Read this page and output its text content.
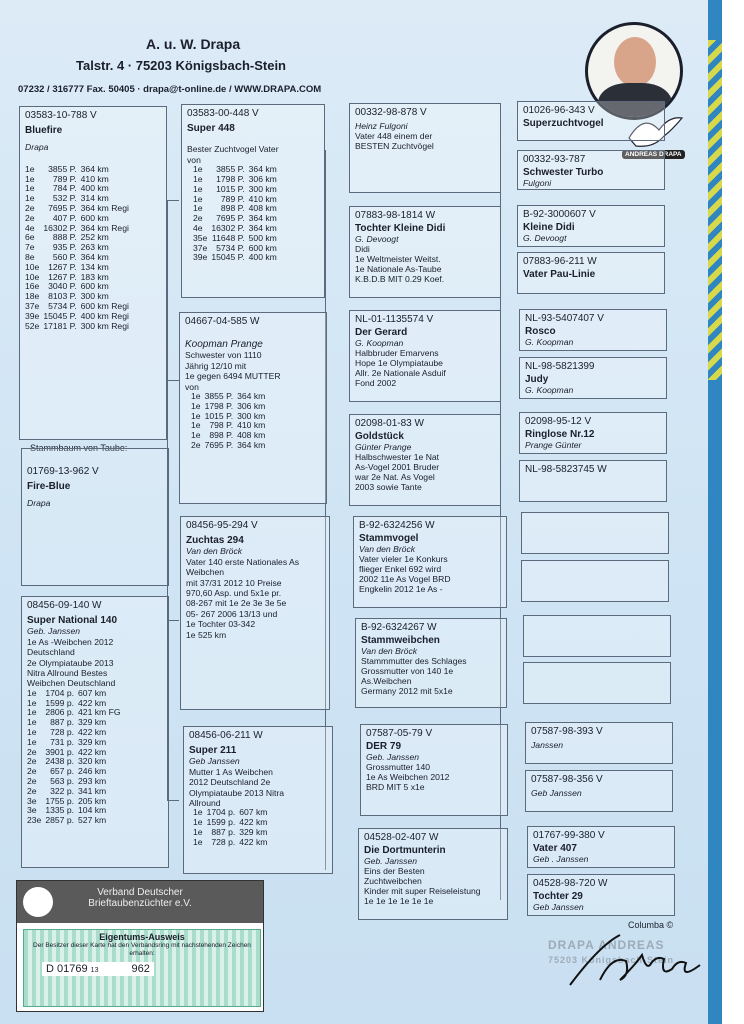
A. u. W. Drapa
Talstr. 4 · 75203 Königsbach-Stein
07232 / 316777 Fax. 50405 · drapa@t-online.de / WWW.DRAPA.COM
ANDREAS DRAPA
03583-10-788 V
Bluefire
Drapa
1e	3855 P.	364 km
1e	789 P.	410 km
1e	784 P.	400 km
1e	532 P.	314 km
2e	7695 P.	364 km Regi
2e	407 P.	600 km
4e	16302 P.	364 km Regi
6e	888 P.	252 km
7e	935 P.	263 km
8e	560 P.	364 km
10e	1267 P.	134 km
10e	1267 P.	183 km
16e	3040 P.	600 km
18e	8103 P.	300 km
37e	5734 P.	600 km Regi
39e	15045 P.	400 km Regi
52e	17181 P.	300 km Regi
Stammbaum von Taube:
01769-13-962 V
Fire-Blue
Drapa
08456-09-140 W
Super National 140
Geb. Janssen
1e As -Weibchen 2012
Deutschland
2e Olympiataube 2013
Nitra Allround Bestes
Weibchen Deutschland
1e	1704 p.	607 km
1e	1599 p.	422 km
1e	2806 p.	421 km FG
1e	887 p.	329 km
1e	728 p.	422 km
1e	731 p.	329 km
2e	3901 p.	422 km
2e	2438 p.	320 km
2e	657 p.	246 km
2e	563 p.	293 km
2e	322 p.	341 km
3e	1755 p.	205 km
3e	1335 p.	104 km
23e	2857 p.	527 km
03583-00-448 V
Super 448
Bester Zuchtvogel Vater
von
1e	3855 P.	364 km
1e	1798 P.	306 km
1e	1015 P.	300 km
1e	789 P.	410 km
1e	898 P.	408 km
2e	7695 P.	364 km
4e	16302 P.	364 km
35e	11648 P.	500 km
37e	5734 P.	600 km
39e	15045 P.	400 km
04667-04-585 W
Koopman Prange
Schwester von 1110
Jährig 12/10 mit
1e gegen 6494 MUTTER
von
1e	3855 P.	364 km
1e	1798 P.	306 km
1e	1015 P.	300 km
1e	798 P.	410 km
1e	898 P.	408 km
2e	7695 P.	364 km
08456-95-294 V
Zuchtas 294
Van den Bröck
Vater 140 erste Nationales As
Weibchen
mit 37/31 2012 10 Preise
970,60 Asp. und 5x1e pr.
08-267 mit 1e 2e 3e 3e 5e
05- 267 2006 13/13 und
1e Tochter 03-342
1e 525 km
08456-06-211 W
Super 211
Geb Janssen
Mutter 1 As Weibchen
2012 Deutschland 2e
Olympiataube 2013 Nitra
Allround
1e	1704 p.	607 km
1e	1599 p.	422 km
1e	887 p.	329 km
1e	728 p.	422 km
00332-98-878 V
Heinz Fulgoni
Vater 448 einem der
BESTEN Zuchtvögel
07883-98-1814 W
Tochter Kleine Didi
G. Devoogt
Didi
1e Weltmeister Weitst.
1e Nationale As-Taube
K.B.D.B MIT 0.29 Koef.
NL-01-1135574 V
Der Gerard
G. Koopman
Halbbruder Emarvens
Hope 1e Olympiataube
Allr. 2e Nationale Asduif
Fond 2002
02098-01-83 W
Goldstück
Günter Prange
Halbschwester 1e Nat
As-Vogel 2001 Bruder
war 2e Nat. As Vogel
2003 sowie Tante
B-92-6324256 W
Stammvogel
Van den Bröck
Vater vieler 1e Konkurs
flieger Enkel 692 wird
2002 11e As Vogel BRD
Engkelin 2012 1e As -
B-92-6324267 W
Stammweibchen
Van den Bröck
Stammmutter des Schlages
Grossmutter von 140 1e
As.Weibchen
Germany 2012 mit 5x1e
07587-05-79 V
DER 79
Geb. Janssen
Grossmutter 140
1e As Weibchen 2012
BRD MIT 5 x1e
04528-02-407 W
Die Dortmunterin
Geb. Janssen
Eins der Besten
Zuchtweibchen
Kinder mit super Reiseleistung
1e 1e 1e 1e 1e 1e
01026-96-343 V
Superzuchtvogel
00332-93-787
Schwester Turbo
Fulgoni
B-92-3000607 V
Kleine Didi
G. Devoogt
07883-96-211 W
Vater Pau-Linie
NL-93-5407407 V
Rosco
G. Koopman
NL-98-5821399
Judy
G. Koopman
02098-95-12 V
Ringlose Nr.12
Prange Günter
NL-98-5823745 W
07587-98-393 V
Janssen
07587-98-356 V
Geb Janssen
01767-99-380 V
Vater 407
Geb . Janssen
04528-98-720 W
Tochter 29
Geb Janssen
Columba ©
DRAPA ANDREAS
75203 Königsbach-Stein
Verband Deutscher
Brieftaubenzüchter e.V.
Eigentums-Ausweis
Der Besitzer dieser Karte hat den Verbandsring mit nachstehenden Zeichen erhalten:
D 01769 13	962
